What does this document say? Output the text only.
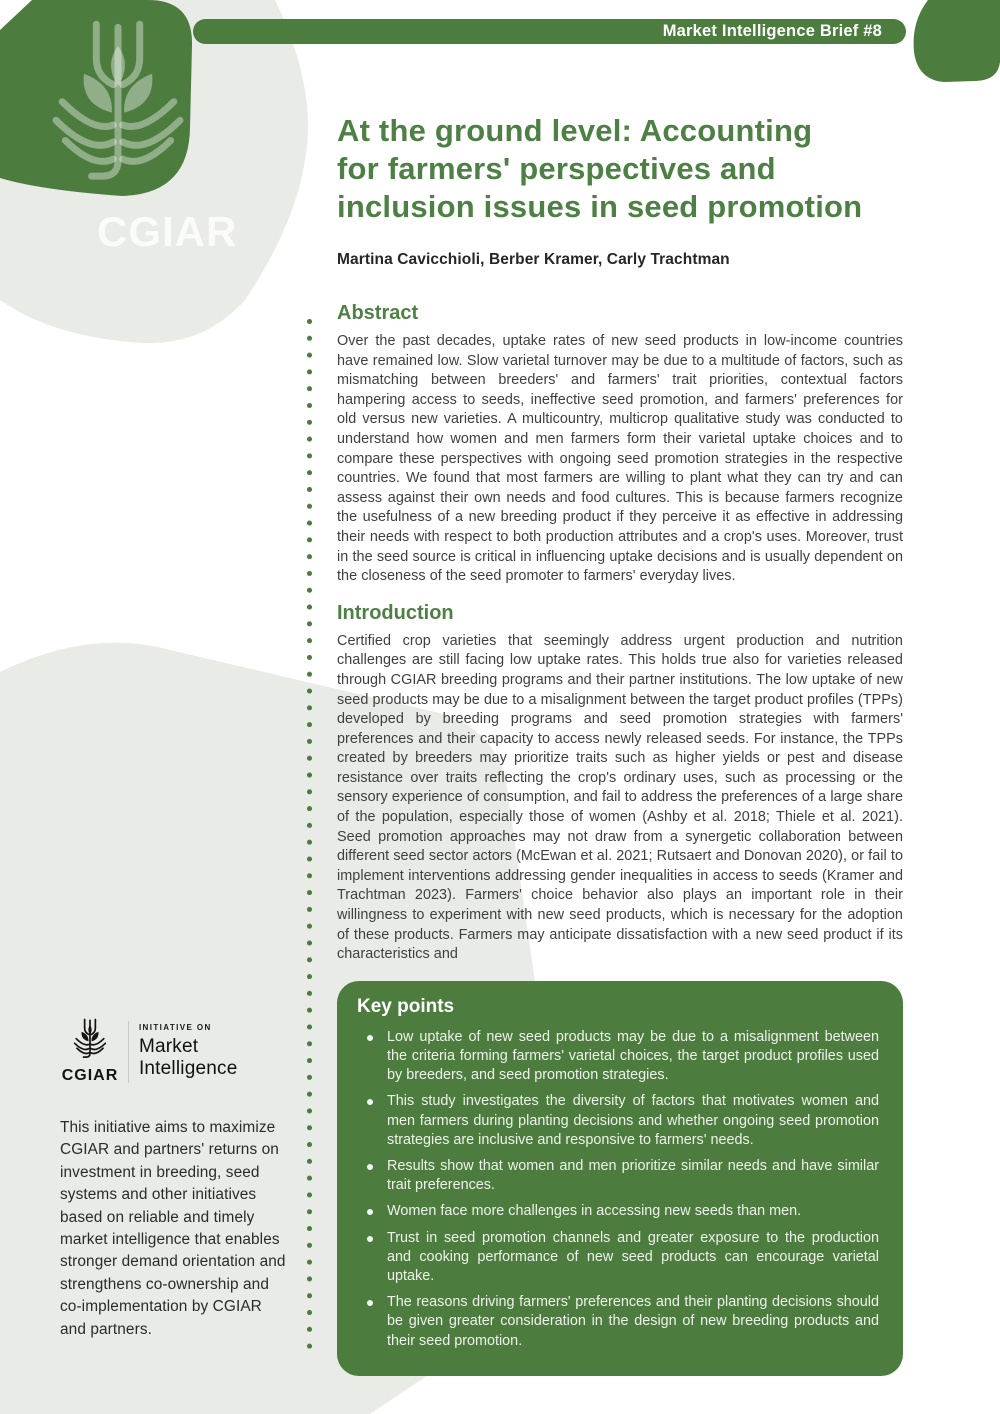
CGIAR
Market Intelligence Brief #8
At the ground level: Accounting
for farmers' perspectives and
inclusion issues in seed promotion
Martina Cavicchioli, Berber Kramer, Carly Trachtman
Abstract
Over the past decades, uptake rates of new seed products in low-income countries have remained low. Slow varietal turnover may be due to a multitude of factors, such as mismatching between breeders' and farmers' trait priorities, contextual factors hampering access to seeds, ineffective seed promotion, and farmers' preferences for old versus new varieties. A multicountry, multicrop qualitative study was conducted to understand how women and men farmers form their varietal uptake choices and to compare these perspectives with ongoing seed promotion strategies in the respective countries. We found that most farmers are willing to plant what they can try and can assess against their own needs and food cultures. This is because farmers recognize the usefulness of a new breeding product if they perceive it as effective in addressing their needs with respect to both production attributes and a crop's uses. Moreover, trust in the seed source is critical in influencing uptake decisions and is usually dependent on the closeness of the seed promoter to farmers' everyday lives.
Introduction
Certified crop varieties that seemingly address urgent production and nutrition challenges are still facing low uptake rates. This holds true also for varieties released through CGIAR breeding programs and their partner institutions. The low uptake of new seed products may be due to a misalignment between the target product profiles (TPPs) developed by breeding programs and seed promotion strategies with farmers' preferences and their capacity to access newly released seeds. For instance, the TPPs created by breeders may prioritize traits such as higher yields or pest and disease resistance over traits reflecting the crop's ordinary uses, such as processing or the sensory experience of consumption, and fail to address the preferences of a large share of the population, especially those of women (Ashby et al. 2018; Thiele et al. 2021). Seed promotion approaches may not draw from a synergetic collaboration between different seed sector actors (McEwan et al. 2021; Rutsaert and Donovan 2020), or fail to implement interventions addressing gender inequalities in access to seeds (Kramer and Trachtman 2023). Farmers' choice behavior also plays an important role in their willingness to experiment with new seed products, which is necessary for the adoption of these products. Farmers may anticipate dissatisfaction with a new seed product if its characteristics and
Key points
Low uptake of new seed products may be due to a misalignment between the criteria forming farmers' varietal choices, the target product profiles used by breeders, and seed promotion strategies.
This study investigates the diversity of factors that motivates women and men farmers during planting decisions and whether ongoing seed promotion strategies are inclusive and responsive to farmers' needs.
Results show that women and men prioritize similar needs and have similar trait preferences.
Women face more challenges in accessing new seeds than men.
Trust in seed promotion channels and greater exposure to the production and cooking performance of new seed products can encourage varietal uptake.
The reasons driving farmers' preferences and their planting decisions should be given greater consideration in the design of new breeding products and their seed promotion.
CGIAR
INITIATIVE ON
Market Intelligence
This initiative aims to maximize CGIAR and partners' returns on investment in breeding, seed systems and other initiatives based on reliable and timely market intelligence that enables stronger demand orientation and strengthens co-ownership and co-implementation by CGIAR and partners.
